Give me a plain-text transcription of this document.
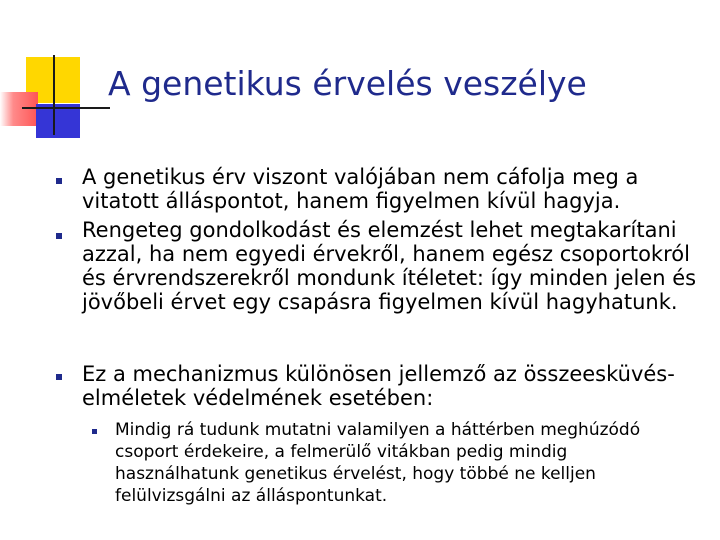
A genetikus érvelés veszélye
A genetikus érv viszont valójában nem cáfolja meg a
vitatott álláspontot, hanem figyelmen kívül hagyja.
Rengeteg gondolkodást és elemzést lehet megtakarítani
azzal, ha nem egyedi érvekről, hanem egész csoportokról
és érvrendszerekről mondunk ítéletet: így minden jelen és
jövőbeli érvet egy csapásra figyelmen kívül hagyhatunk.
Ez a mechanizmus különösen jellemző az összeesküvés-
elméletek védelmének esetében:
Mindig rá tudunk mutatni valamilyen a háttérben meghúzódó
csoport érdekeire, a felmerülő vitákban pedig mindig
használhatunk genetikus érvelést, hogy többé ne kelljen
felülvizsgálni az álláspontunkat.
